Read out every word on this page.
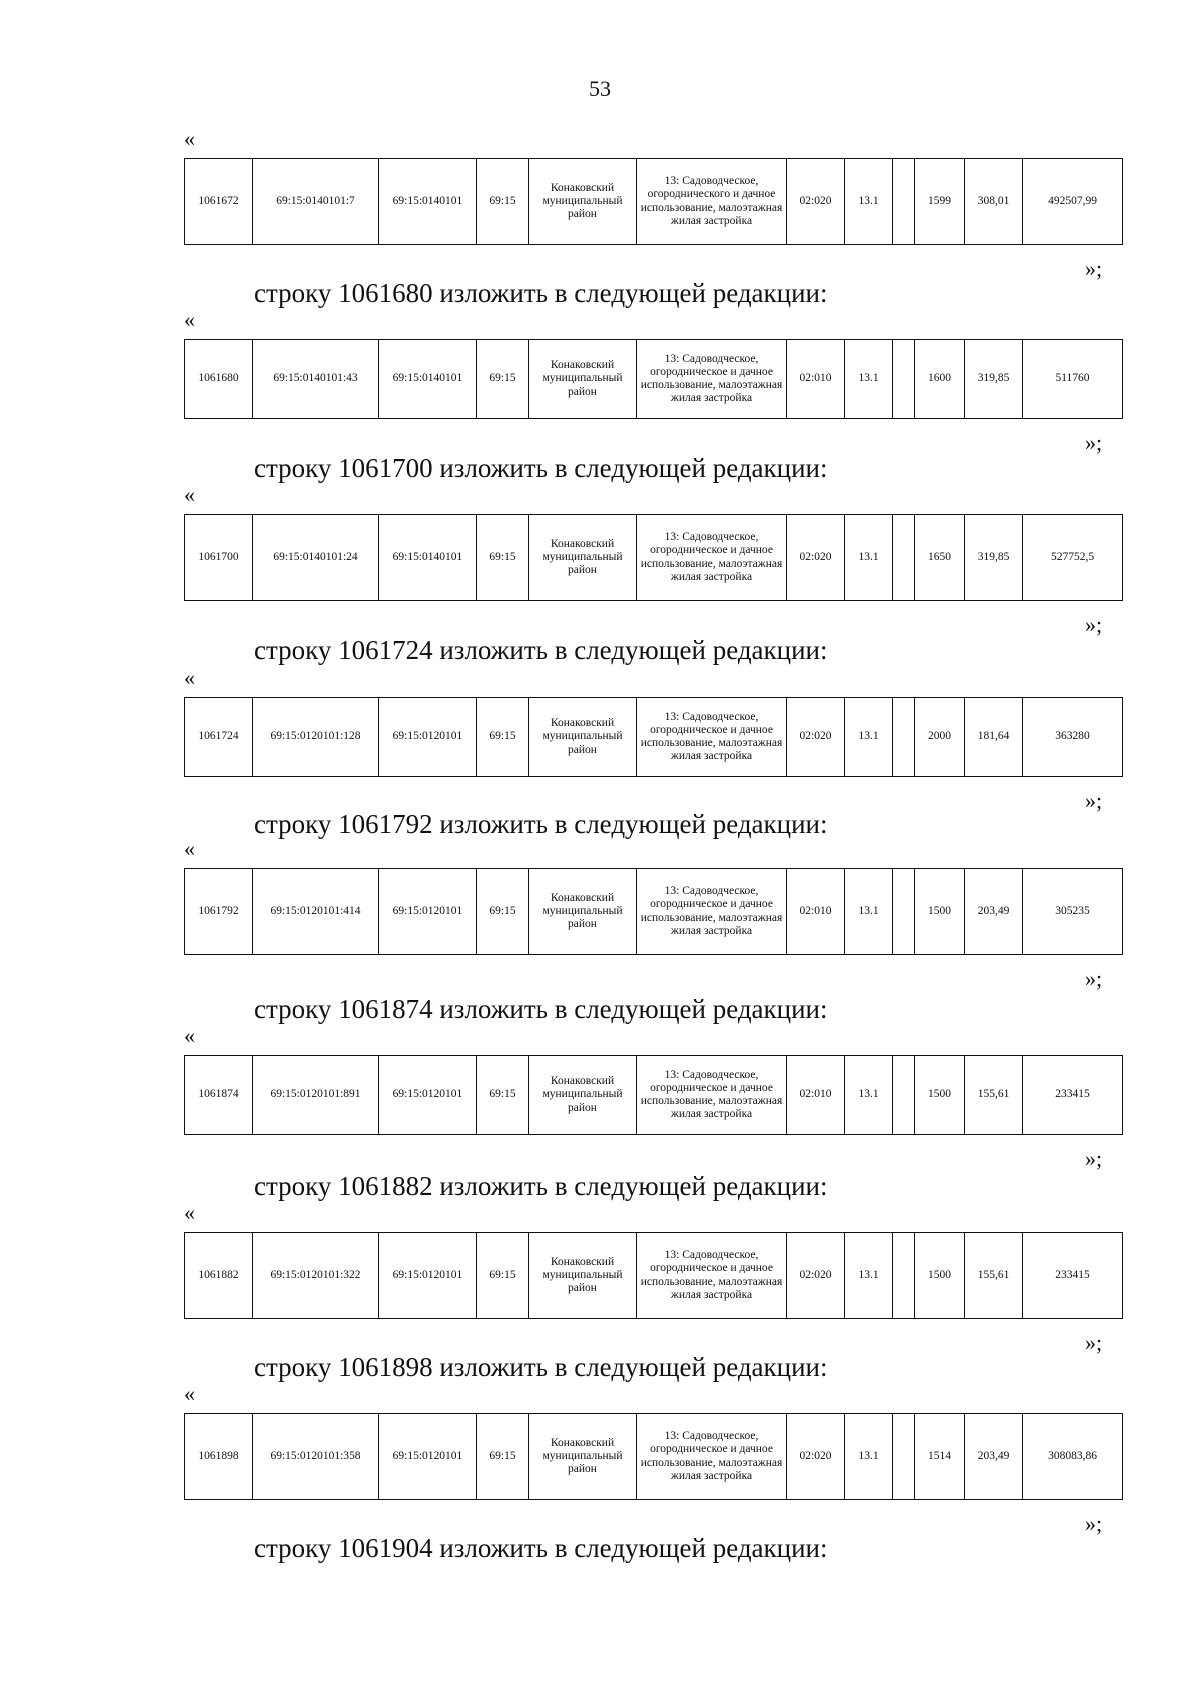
53
«
1061672	69:15:0140101:7	69:15:0140101	69:15	Конаковский муниципальный район	13: Садоводческое, огороднического и дачное использование, малоэтажная жилая застройка	02:020	13.1		1599	308,01	492507,99
»;
строку 1061680 изложить в следующей редакции:
«
1061680	69:15:0140101:43	69:15:0140101	69:15	Конаковский муниципальный район	13: Садоводческое, огородническое и дачное использование, малоэтажная жилая застройка	02:010	13.1		1600	319,85	511760
»;
строку 1061700 изложить в следующей редакции:
«
1061700	69:15:0140101:24	69:15:0140101	69:15	Конаковский муниципальный район	13: Садоводческое, огородническое и дачное использование, малоэтажная жилая застройка	02:020	13.1		1650	319,85	527752,5
»;
строку 1061724 изложить в следующей редакции:
«
1061724	69:15:0120101:128	69:15:0120101	69:15	Конаковский муниципальный район	13: Садоводческое, огородническое и дачное использование, малоэтажная жилая застройка	02:020	13.1		2000	181,64	363280
»;
строку 1061792 изложить в следующей редакции:
«
1061792	69:15:0120101:414	69:15:0120101	69:15	Конаковский муниципальный район	13: Садоводческое, огородническое и дачное использование, малоэтажная жилая застройка	02:010	13.1		1500	203,49	305235
»;
строку 1061874 изложить в следующей редакции:
«
1061874	69:15:0120101:891	69:15:0120101	69:15	Конаковский муниципальный район	13: Садоводческое, огородническое и дачное использование, малоэтажная жилая застройка	02:010	13.1		1500	155,61	233415
»;
строку 1061882 изложить в следующей редакции:
«
1061882	69:15:0120101:322	69:15:0120101	69:15	Конаковский муниципальный район	13: Садоводческое, огородническое и дачное использование, малоэтажная жилая застройка	02:020	13.1		1500	155,61	233415
»;
строку 1061898 изложить в следующей редакции:
«
1061898	69:15:0120101:358	69:15:0120101	69:15	Конаковский муниципальный район	13: Садоводческое, огородническое и дачное использование, малоэтажная жилая застройка	02:020	13.1		1514	203,49	308083,86
»;
строку 1061904 изложить в следующей редакции:
